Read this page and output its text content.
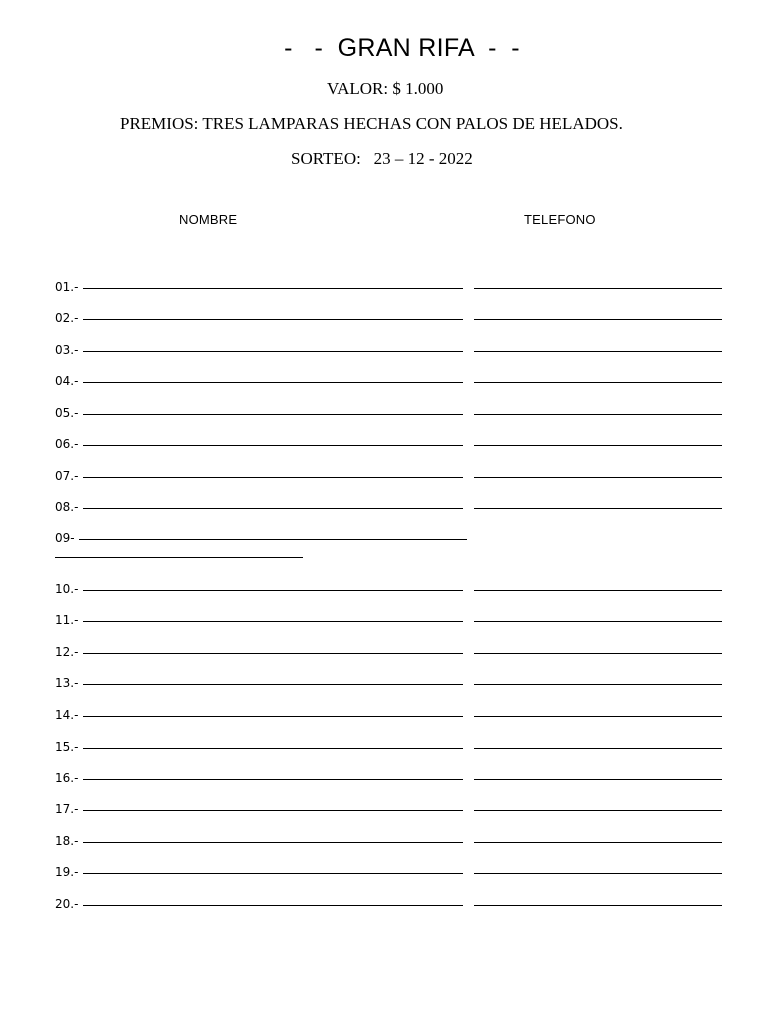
-   -  GRAN RIFA  -  -
VALOR: $ 1.000
PREMIOS: TRES LAMPARAS HECHAS CON PALOS DE HELADOS.
SORTEO:   23 – 12 - 2022
NOMBRE	TELEFONO
01.-
02.-
03.-
04.-
05.-
06.-
07.-
08.-
09-
10.-
11.-
12.-
13.-
14.-
15.-
16.-
17.-
18.-
19.-
20.-
